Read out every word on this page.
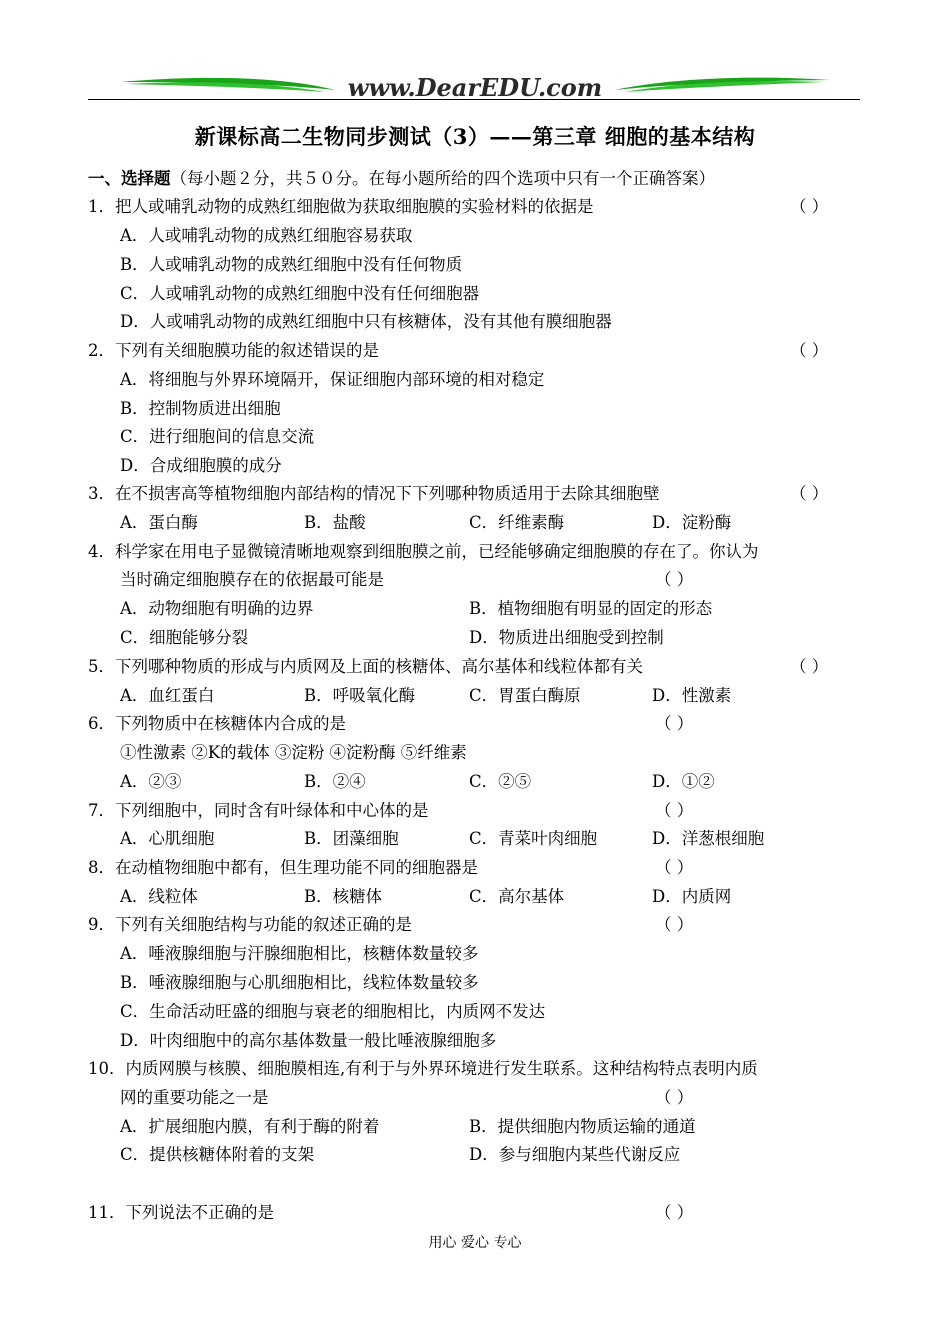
www.DearEDU.com
新课标高二生物同步测试（3）——第三章 细胞的基本结构
一、选择题（每小题２分，共５０分。在每小题所给的四个选项中只有一个正确答案）
1．把人或哺乳动物的成熟红细胞做为获取细胞膜的实验材料的依据是	（ ）
A．人或哺乳动物的成熟红细胞容易获取
B．人或哺乳动物的成熟红细胞中没有任何物质
C．人或哺乳动物的成熟红细胞中没有任何细胞器
D．人或哺乳动物的成熟红细胞中只有核糖体，没有其他有膜细胞器
2．下列有关细胞膜功能的叙述错误的是	（ ）
A．将细胞与外界环境隔开，保证细胞内部环境的相对稳定
B．控制物质进出细胞
C．进行细胞间的信息交流
D．合成细胞膜的成分
3．在不损害高等植物细胞内部结构的情况下下列哪种物质适用于去除其细胞壁	（ ）
A．蛋白酶	B．盐酸	C．纤维素酶	D．淀粉酶
4．科学家在用电子显微镜清晰地观察到细胞膜之前，已经能够确定细胞膜的存在了。你认为
当时确定细胞膜存在的依据最可能是	（ ）
A．动物细胞有明确的边界	B．植物细胞有明显的固定的形态
C．细胞能够分裂	D．物质进出细胞受到控制
5．下列哪种物质的形成与内质网及上面的核糖体、高尔基体和线粒体都有关	（ ）
A．血红蛋白	B．呼吸氧化酶	C．胃蛋白酶原	D．性激素
6．下列物质中在核糖体内合成的是	（ ）
①性激素 ②K的载体 ③淀粉 ④淀粉酶 ⑤纤维素
A．②③	B．②④	C．②⑤	D．①②
7．下列细胞中，同时含有叶绿体和中心体的是	（ ）
A．心肌细胞	B．团藻细胞	C．青菜叶肉细胞	D．洋葱根细胞
8．在动植物细胞中都有，但生理功能不同的细胞器是	（ ）
A．线粒体	B．核糖体	C．高尔基体	D．内质网
9．下列有关细胞结构与功能的叙述正确的是	（ ）
A．唾液腺细胞与汗腺细胞相比，核糖体数量较多
B．唾液腺细胞与心肌细胞相比，线粒体数量较多
C．生命活动旺盛的细胞与衰老的细胞相比，内质网不发达
D．叶肉细胞中的高尔基体数量一般比唾液腺细胞多
10．内质网膜与核膜、细胞膜相连,有利于与外界环境进行发生联系。这种结构特点表明内质
网的重要功能之一是	（ ）
A．扩展细胞内膜，有利于酶的附着	B．提供细胞内物质运输的通道
C．提供核糖体附着的支架	D．参与细胞内某些代谢反应
11．下列说法不正确的是	（ ）
用心 爱心 专心
